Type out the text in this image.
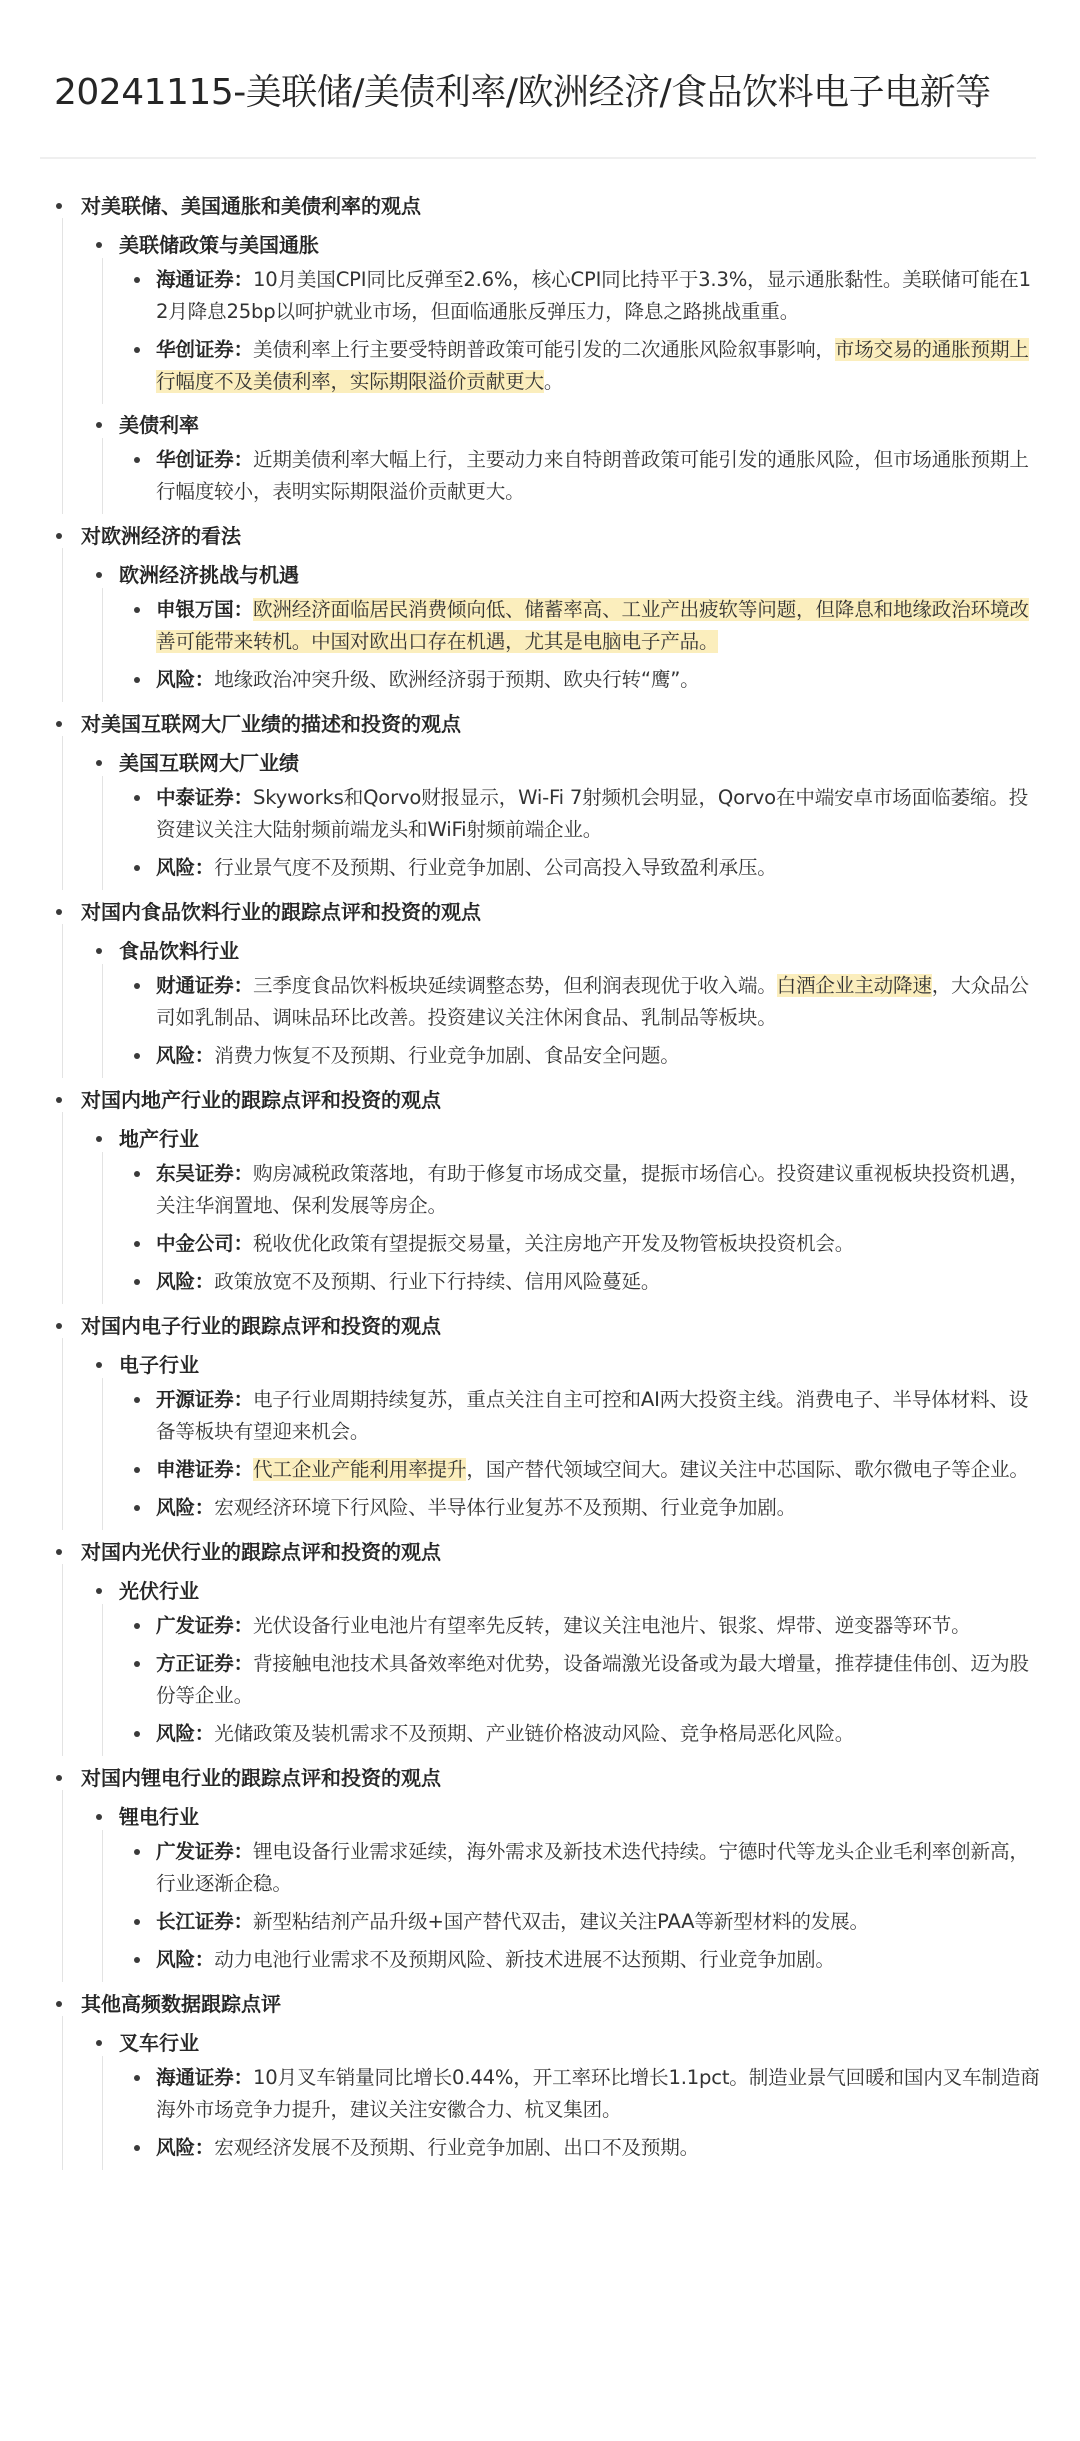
20241115-美联储/美债利率/欧洲经济/食品饮料电子电新等
对美联储、美国通胀和美债利率的观点
美联储政策与美国通胀
海通证券：10月美国CPI同比反弹至2.6%，核心CPI同比持平于3.3%，显示通胀黏性。美联储可能在12月降息25bp以呵护就业市场，但面临通胀反弹压力，降息之路挑战重重。
华创证券：美债利率上行主要受特朗普政策可能引发的二次通胀风险叙事影响，市场交易的通胀预期上行幅度不及美债利率，实际期限溢价贡献更大。
美债利率
华创证券：近期美债利率大幅上行，主要动力来自特朗普政策可能引发的通胀风险，但市场通胀预期上行幅度较小，表明实际期限溢价贡献更大。
对欧洲经济的看法
欧洲经济挑战与机遇
申银万国：欧洲经济面临居民消费倾向低、储蓄率高、工业产出疲软等问题，但降息和地缘政治环境改善可能带来转机。中国对欧出口存在机遇，尤其是电脑电子产品。
风险：地缘政治冲突升级、欧洲经济弱于预期、欧央行转“鹰”。
对美国互联网大厂业绩的描述和投资的观点
美国互联网大厂业绩
中泰证券：Skyworks和Qorvo财报显示，Wi-Fi 7射频机会明显，Qorvo在中端安卓市场面临萎缩。投资建议关注大陆射频前端龙头和WiFi射频前端企业。
风险：行业景气度不及预期、行业竞争加剧、公司高投入导致盈利承压。
对国内食品饮料行业的跟踪点评和投资的观点
食品饮料行业
财通证券：三季度食品饮料板块延续调整态势，但利润表现优于收入端。白酒企业主动降速，大众品公司如乳制品、调味品环比改善。投资建议关注休闲食品、乳制品等板块。
风险：消费力恢复不及预期、行业竞争加剧、食品安全问题。
对国内地产行业的跟踪点评和投资的观点
地产行业
东吴证券：购房减税政策落地，有助于修复市场成交量，提振市场信心。投资建议重视板块投资机遇，关注华润置地、保利发展等房企。
中金公司：税收优化政策有望提振交易量，关注房地产开发及物管板块投资机会。
风险：政策放宽不及预期、行业下行持续、信用风险蔓延。
对国内电子行业的跟踪点评和投资的观点
电子行业
开源证券：电子行业周期持续复苏，重点关注自主可控和AI两大投资主线。消费电子、半导体材料、设备等板块有望迎来机会。
申港证券：代工企业产能利用率提升，国产替代领域空间大。建议关注中芯国际、歌尔微电子等企业。
风险：宏观经济环境下行风险、半导体行业复苏不及预期、行业竞争加剧。
对国内光伏行业的跟踪点评和投资的观点
光伏行业
广发证券：光伏设备行业电池片有望率先反转，建议关注电池片、银浆、焊带、逆变器等环节。
方正证券：背接触电池技术具备效率绝对优势，设备端激光设备或为最大增量，推荐捷佳伟创、迈为股份等企业。
风险：光储政策及装机需求不及预期、产业链价格波动风险、竞争格局恶化风险。
对国内锂电行业的跟踪点评和投资的观点
锂电行业
广发证券：锂电设备行业需求延续，海外需求及新技术迭代持续。宁德时代等龙头企业毛利率创新高，行业逐渐企稳。
长江证券：新型粘结剂产品升级+国产替代双击，建议关注PAA等新型材料的发展。
风险：动力电池行业需求不及预期风险、新技术进展不达预期、行业竞争加剧。
其他高频数据跟踪点评
叉车行业
海通证券：10月叉车销量同比增长0.44%，开工率环比增长1.1pct。制造业景气回暖和国内叉车制造商海外市场竞争力提升，建议关注安徽合力、杭叉集团。
风险：宏观经济发展不及预期、行业竞争加剧、出口不及预期。
